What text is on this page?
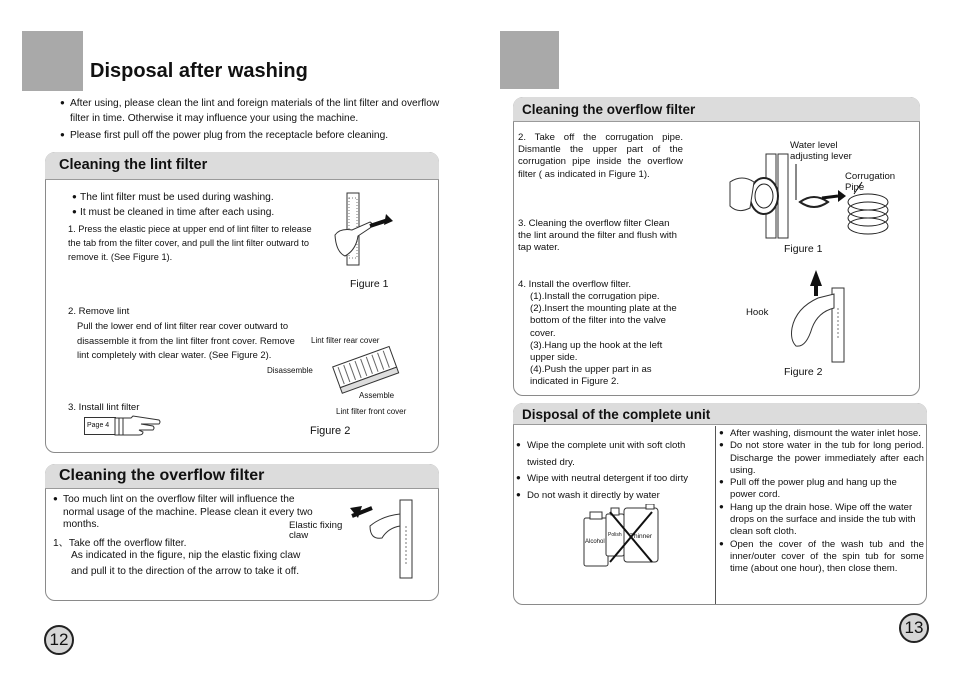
Disposal after washing
● After using, please clean the lint and foreign materials of the lint filter and overflow filter in time. Otherwise it may influence your using the machine.
● Please first pull off the power plug from the receptacle before cleaning.
Cleaning the lint filter
● The lint filter must be used during washing.
● It must be cleaned in time after each using.
1. Press the elastic piece at upper end of lint filter to release the tab from the filter cover, and pull the lint filter outward to remove it. (See Figure 1).
Figure 1
2. Remove lint
Pull the lower end of lint filter rear cover outward to disassemble it from the lint filter front cover. Remove lint completely with clear water. (See Figure 2).
Lint filter rear cover
Disassemble
Assemble
Lint filter front cover
3. Install lint filter
Page 4	Figure 2
Cleaning the overflow filter
● Too much lint on the overflow filter will influence the normal usage of the machine. Please clean it every two months.
1、Take off the overflow filter.
As indicated in the figure, nip the elastic fixing claw and pull it to the direction of the arrow to take it off.
Elastic fixing claw
12
Cleaning the overflow filter
2. Take off the corrugation pipe. Dismantle the upper part of the corrugation pipe inside the overflow filter ( as indicated in Figure 1).
3. Cleaning the overflow filter Clean the lint around the filter and flush with tap water.
4. Install the overflow filter.
(1).Install the corrugation pipe.
(2).Insert the mounting plate at the bottom of the filter into the valve cover.
(3).Hang up the hook at the left upper side.
(4).Push the upper part in as indicated in Figure 2.
Water level adjusting lever
Corrugation Pipe
Figure 1
Hook
Figure 2
Disposal of the complete unit
● Wipe the complete unit with soft cloth twisted dry.
● Wipe with neutral detergent if too dirty
● Do not wash it directly by water
Alcohol
Polish Thinner
● After washing, dismount the water inlet hose.
● Do not store water in the tub for long period. Discharge the power immediately after each using.
● Pull off the power plug and hang up the power cord.
● Hang up the drain hose. Wipe off the water drops on the surface and inside the tub with clean soft cloth.
● Open the cover of the wash tub and the inner/outer cover of the spin tub for some time (about one hour), then close them.
13
